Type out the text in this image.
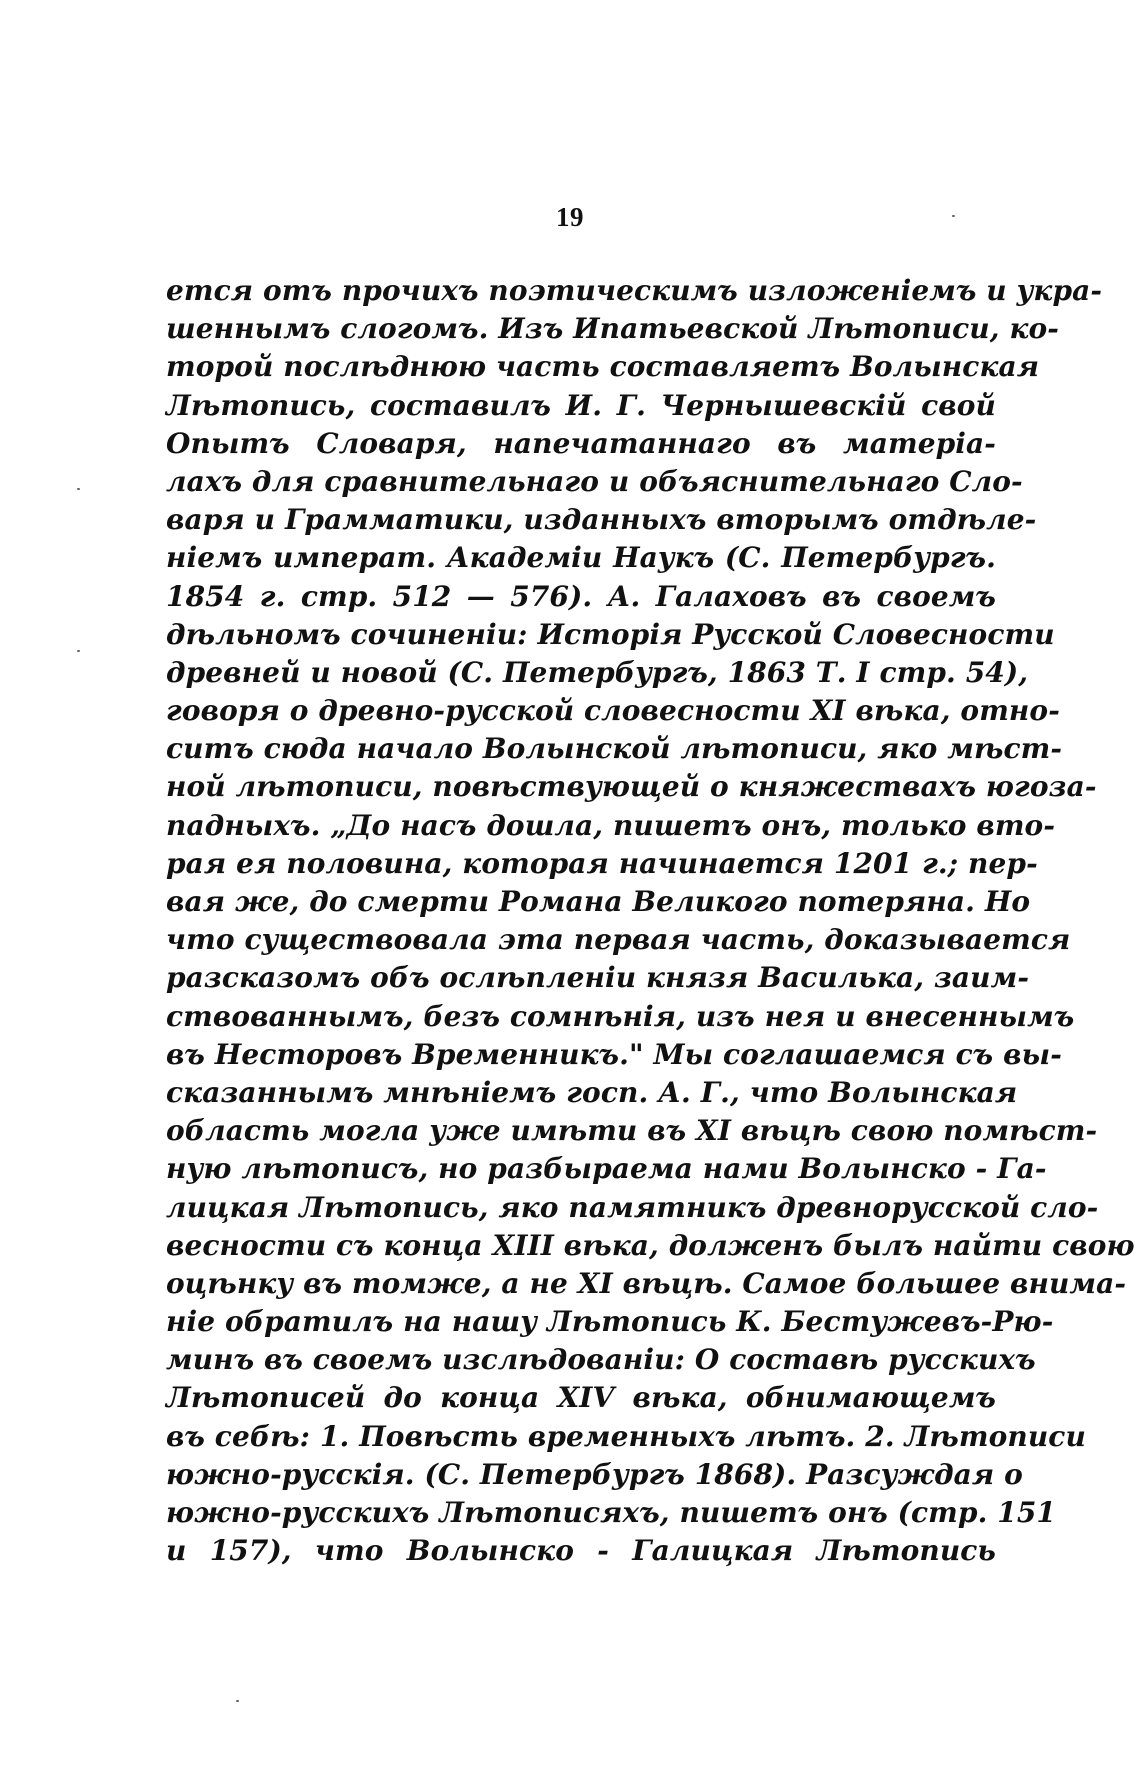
19
ется отъ прочихъ поэтическимъ изложеніемъ и укра-
шеннымъ слогомъ. Изъ Ипатьевской Лѣтописи, ко-
торой послѣднюю часть составляетъ Волынская
Лѣтопись, составилъ И. Г. Чернышевскій свой
Опытъ Словаря, напечатаннаго въ матеріа-
лахъ для сравнительнаго и объяснительнаго Сло-
варя и Грамматики, изданныхъ вторымъ отдѣле-
ніемъ императ. Академіи Наукъ (С. Петербургъ.
1854 г. стр. 512 — 576). А. Галаховъ въ своемъ
дѣльномъ сочиненіи: Исторія Русской Словесности
древней и новой (С. Петербургъ, 1863 Т. I стр. 54),
говоря о древно-русской словесности XI вѣка, отно-
ситъ сюда начало Волынской лѣтописи, яко мѣст-
ной лѣтописи, повѣствующей о княжествахъ югоза-
падныхъ. „До насъ дошла, пишетъ онъ, только вто-
рая ея половина, которая начинается 1201 г.; пер-
вая же, до смерти Романа Великого потеряна. Но
что существовала эта первая часть, доказывается
разсказомъ объ ослѣпленіи князя Василька, заим-
ствованнымъ, безъ сомнѣнія, изъ нея и внесеннымъ
въ Несторовъ Временникъ." Мы соглашаемся съ вы-
сказаннымъ мнѣніемъ госп. А. Г., что Волынская
область могла уже имѣти въ XI вѣцѣ свою помѣст-
ную лѣтописъ, но разбыраема нами Волынско - Га-
лицкая Лѣтопись, яко памятникъ древнорусской сло-
весности съ конца XIII вѣка, долженъ былъ найти свою
оцѣнку въ томже, а не XI вѣцѣ. Самое большее внима-
ніе обратилъ на нашу Лѣтопись К. Бестужевъ-Рю-
минъ въ своемъ изслѣдованіи: О составѣ русскихъ
Лѣтописей до конца XIV вѣка, обнимающемъ
въ себѣ: 1. Повѣсть временныхъ лѣтъ. 2. Лѣтописи
южно-русскія. (С. Петербургъ 1868). Разсуждая о
южно-русскихъ Лѣтописяхъ, пишетъ онъ (стр. 151
и 157), что Волынско - Галицкая Лѣтопись
